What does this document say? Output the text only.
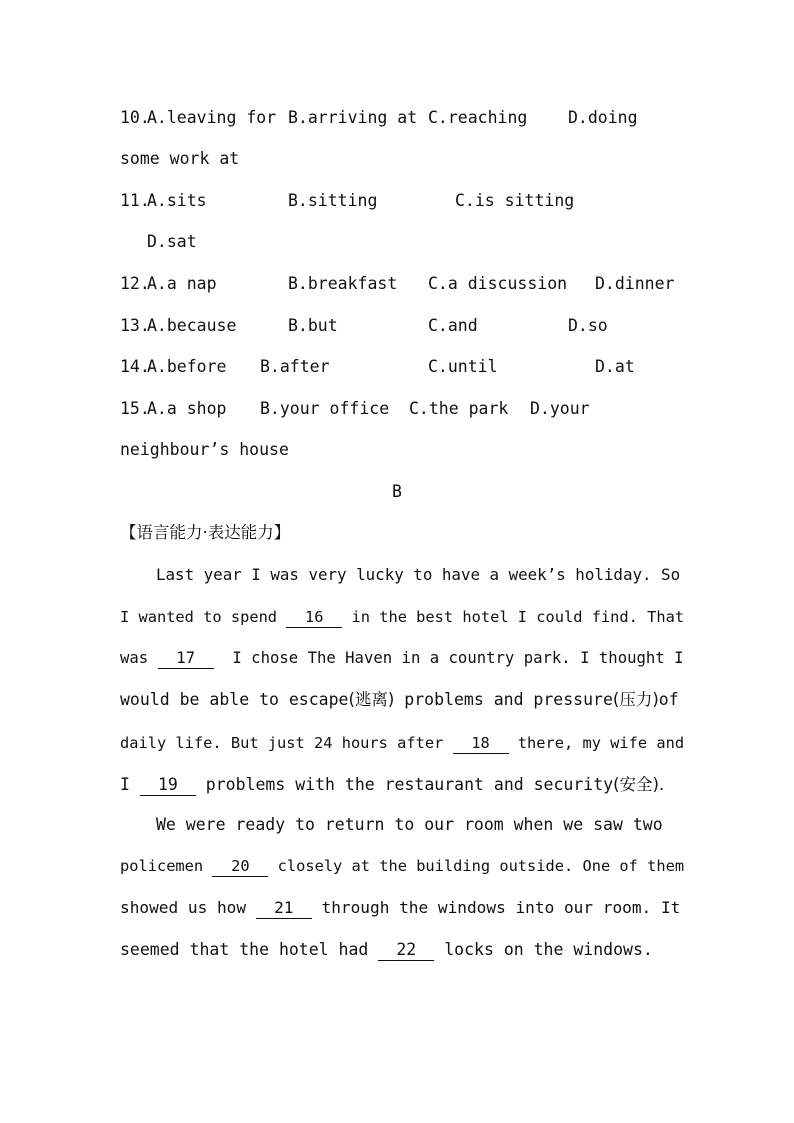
10.

A.leaving for

B.arriving at

C.reaching

D.doing

some work at

11.

A.sits

	B.sitting

	C.is sitting

D.sat

12.

A.a nap

	B.breakfast

C.a discussion

D.dinner

13.

A.because

	B.but

	C.and

	D.so

14.

A.before

B.after

	C.until

	D.at

15.

A.a shop

B.your office

C.the park

D.your

neighbour’s house
B
【语言能力·表达能力】
Last year I was very lucky to have a week’s holiday. So
I wanted to spend 16 in the best hotel I could find. That
was 17  I chose The Haven in a country park. I thought I
would be able to escape(逃离) problems and pressure(压力)of
daily life. But just 24 hours after 18 there, my wife and
I 19 problems with the restaurant and security(安全).
We were ready to return to our room when we saw two
policemen 20 closely at the building outside. One of them
showed us how 21 through the windows into our room. It
seemed that the hotel had 22 locks on the windows.
